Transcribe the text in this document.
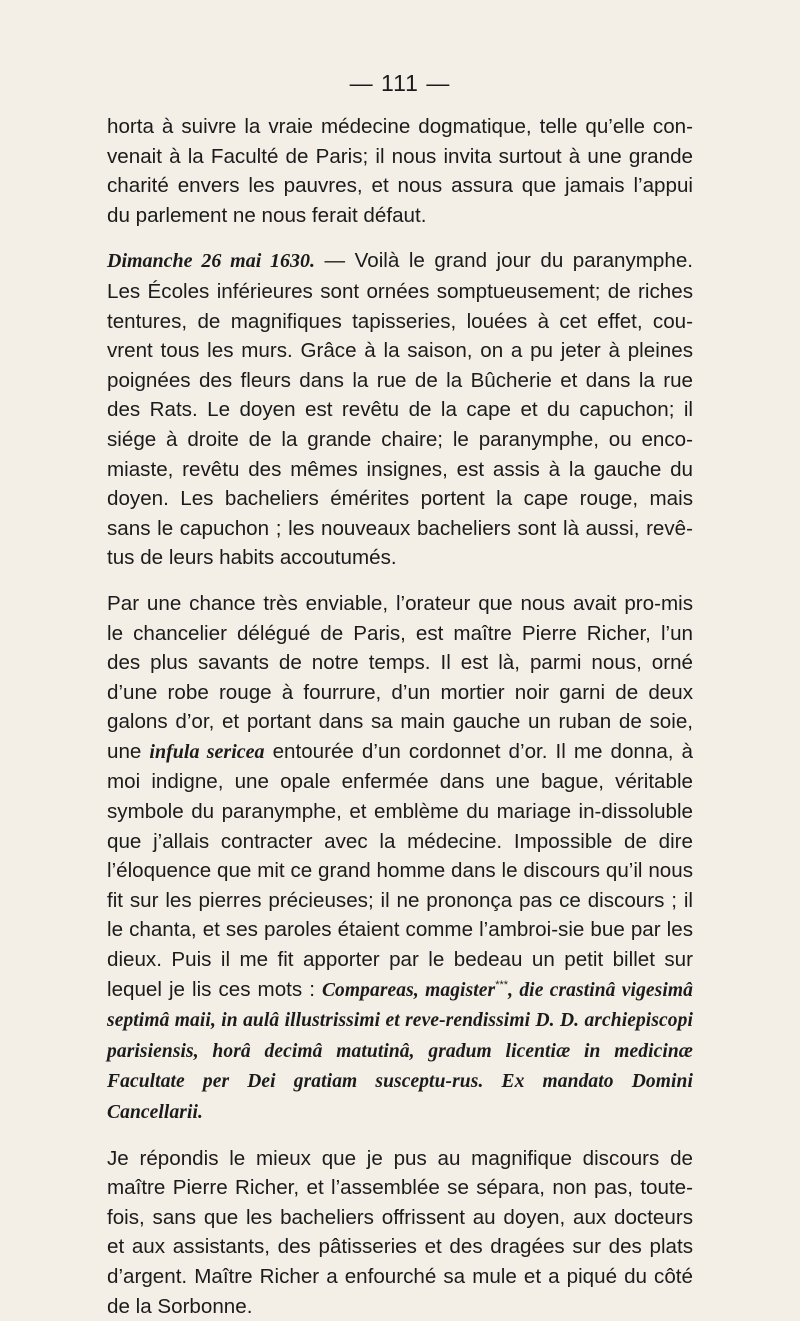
— 111 —

horta à suivre la vraie médecine dogmatique, telle qu’elle con-venait à la Faculté de Paris; il nous invita surtout à une grande charité envers les pauvres, et nous assura que jamais l’appui du parlement ne nous ferait défaut.

Dimanche 26 mai 1630. — Voilà le grand jour du paranymphe. Les Écoles inférieures sont ornées somptueusement; de riches tentures, de magnifiques tapisseries, louées à cet effet, cou-vrent tous les murs. Grâce à la saison, on a pu jeter à pleines poignées des fleurs dans la rue de la Bûcherie et dans la rue des Rats. Le doyen est revêtu de la cape et du capuchon; il siége à droite de la grande chaire; le paranymphe, ou enco-miaste, revêtu des mêmes insignes, est assis à la gauche du doyen. Les bacheliers émérites portent la cape rouge, mais sans le capuchon ; les nouveaux bacheliers sont là aussi, revê-tus de leurs habits accoutumés.

Par une chance très enviable, l’orateur que nous avait pro-mis le chancelier délégué de Paris, est maître Pierre Richer, l’un des plus savants de notre temps. Il est là, parmi nous, orné d’une robe rouge à fourrure, d’un mortier noir garni de deux galons d’or, et portant dans sa main gauche un ruban de soie, une infula sericea entourée d’un cordonnet d’or. Il me donna, à moi indigne, une opale enfermée dans une bague, véritable symbole du paranymphe, et emblème du mariage in-dissoluble que j’allais contracter avec la médecine. Impossible de dire l’éloquence que mit ce grand homme dans le discours qu’il nous fit sur les pierres précieuses; il ne prononça pas ce discours ; il le chanta, et ses paroles étaient comme l’ambroi-sie bue par les dieux. Puis il me fit apporter par le bedeau un petit billet sur lequel je lis ces mots : Compareas, magister***, die crastinâ vigesimâ septimâ maii, in aulâ illustrissimi et reve-rendissimi D. D. archiepiscopi parisiensis, horâ decimâ matutinâ, gradum licentiæ in medicinæ Facultate per Dei gratiam susceptu-rus. Ex mandato Domini Cancellarii.

Je répondis le mieux que je pus au magnifique discours de maître Pierre Richer, et l’assemblée se sépara, non pas, toute-fois, sans que les bacheliers offrissent au doyen, aux docteurs et aux assistants, des pâtisseries et des dragées sur des plats d’argent. Maître Richer a enfourché sa mule et a piqué du côté de la Sorbonne.
